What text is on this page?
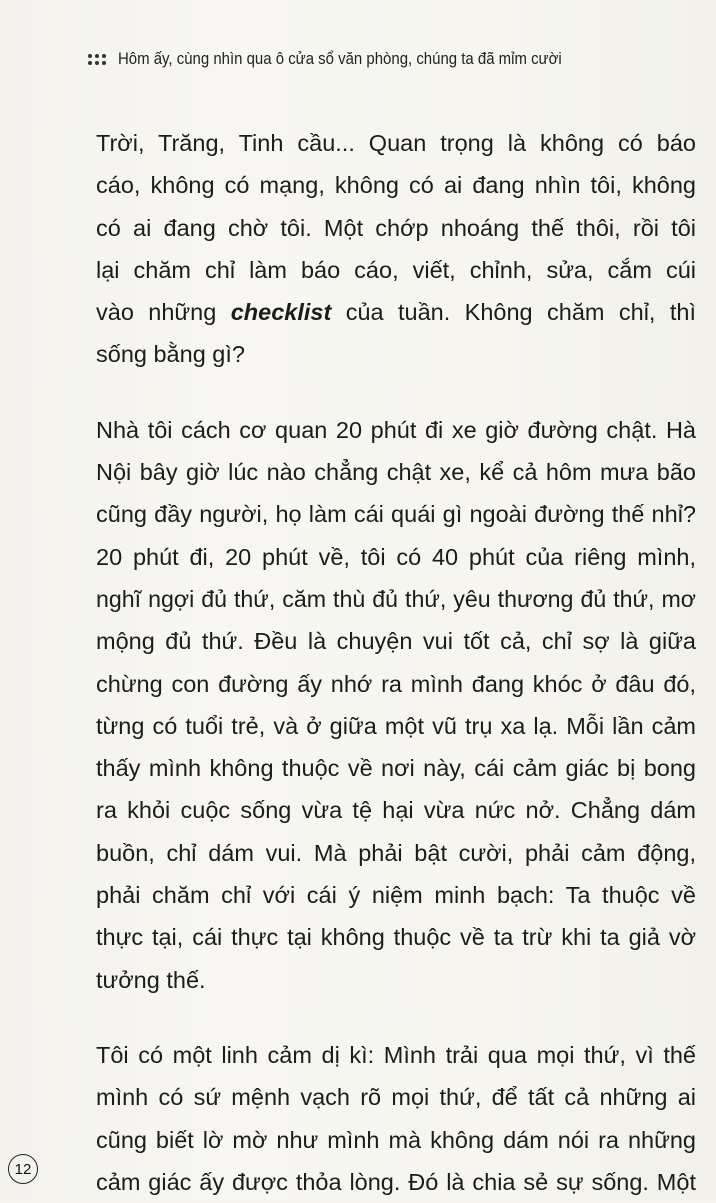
Hôm ấy, cùng nhìn qua ô cửa sổ văn phòng, chúng ta đã mỉm cười

Trời, Trăng, Tinh cầu... Quan trọng là không có báo
cáo, không có mạng, không có ai đang nhìn tôi, không
có ai đang chờ tôi. Một chớp nhoáng thế thôi, rồi tôi
lại chăm chỉ làm báo cáo, viết, chỉnh, sửa, cắm cúi
vào những checklist của tuần. Không chăm chỉ, thì
sống bằng gì?

Nhà tôi cách cơ quan 20 phút đi xe giờ đường chật. Hà
Nội bây giờ lúc nào chẳng chật xe, kể cả hôm mưa bão
cũng đầy người, họ làm cái quái gì ngoài đường thế nhỉ?
20 phút đi, 20 phút về, tôi có 40 phút của riêng mình,
nghĩ ngợi đủ thứ, căm thù đủ thứ, yêu thương đủ thứ, mơ
mộng đủ thứ. Đều là chuyện vui tốt cả, chỉ sợ là giữa
chừng con đường ấy nhớ ra mình đang khóc ở đâu đó,
từng có tuổi trẻ, và ở giữa một vũ trụ xa lạ. Mỗi lần cảm
thấy mình không thuộc về nơi này, cái cảm giác bị bong
ra khỏi cuộc sống vừa tệ hại vừa nức nở. Chẳng dám
buồn, chỉ dám vui. Mà phải bật cười, phải cảm động,
phải chăm chỉ với cái ý niệm minh bạch: Ta thuộc về
thực tại, cái thực tại không thuộc về ta trừ khi ta giả vờ
tưởng thế.

Tôi có một linh cảm dị kì: Mình trải qua mọi thứ, vì thế
mình có sứ mệnh vạch rõ mọi thứ, để tất cả những ai
cũng biết lờ mờ như mình mà không dám nói ra những
cảm giác ấy được thỏa lòng. Đó là chia sẻ sự sống. Một

12
